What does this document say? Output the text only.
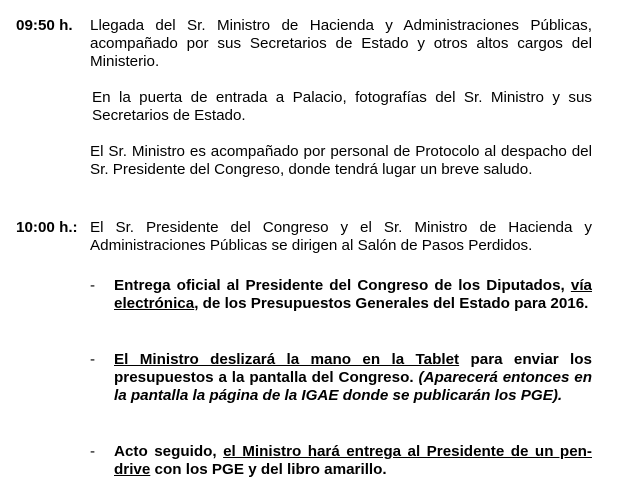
09:50 h. Llegada del Sr. Ministro de Hacienda y Administraciones Públicas, acompañado por sus Secretarios de Estado y otros altos cargos del Ministerio.

En la puerta de entrada a Palacio, fotografías del Sr. Ministro y sus Secretarios de Estado.

El Sr. Ministro es acompañado por personal de Protocolo al despacho del Sr. Presidente del Congreso, donde tendrá lugar un breve saludo.

10:00 h.: El Sr. Presidente del Congreso y el Sr. Ministro de Hacienda y Administraciones Públicas se dirigen al Salón de Pasos Perdidos.

- Entrega oficial al Presidente del Congreso de los Diputados, vía electrónica, de los Presupuestos Generales del Estado para 2016.
- El Ministro deslizará la mano en la Tablet para enviar los presupuestos a la pantalla del Congreso. (Aparecerá entonces en la pantalla la página de la IGAE donde se publicarán los PGE).
- Acto seguido, el Ministro hará entrega al Presidente de un pen-drive con los PGE y del libro amarillo.
